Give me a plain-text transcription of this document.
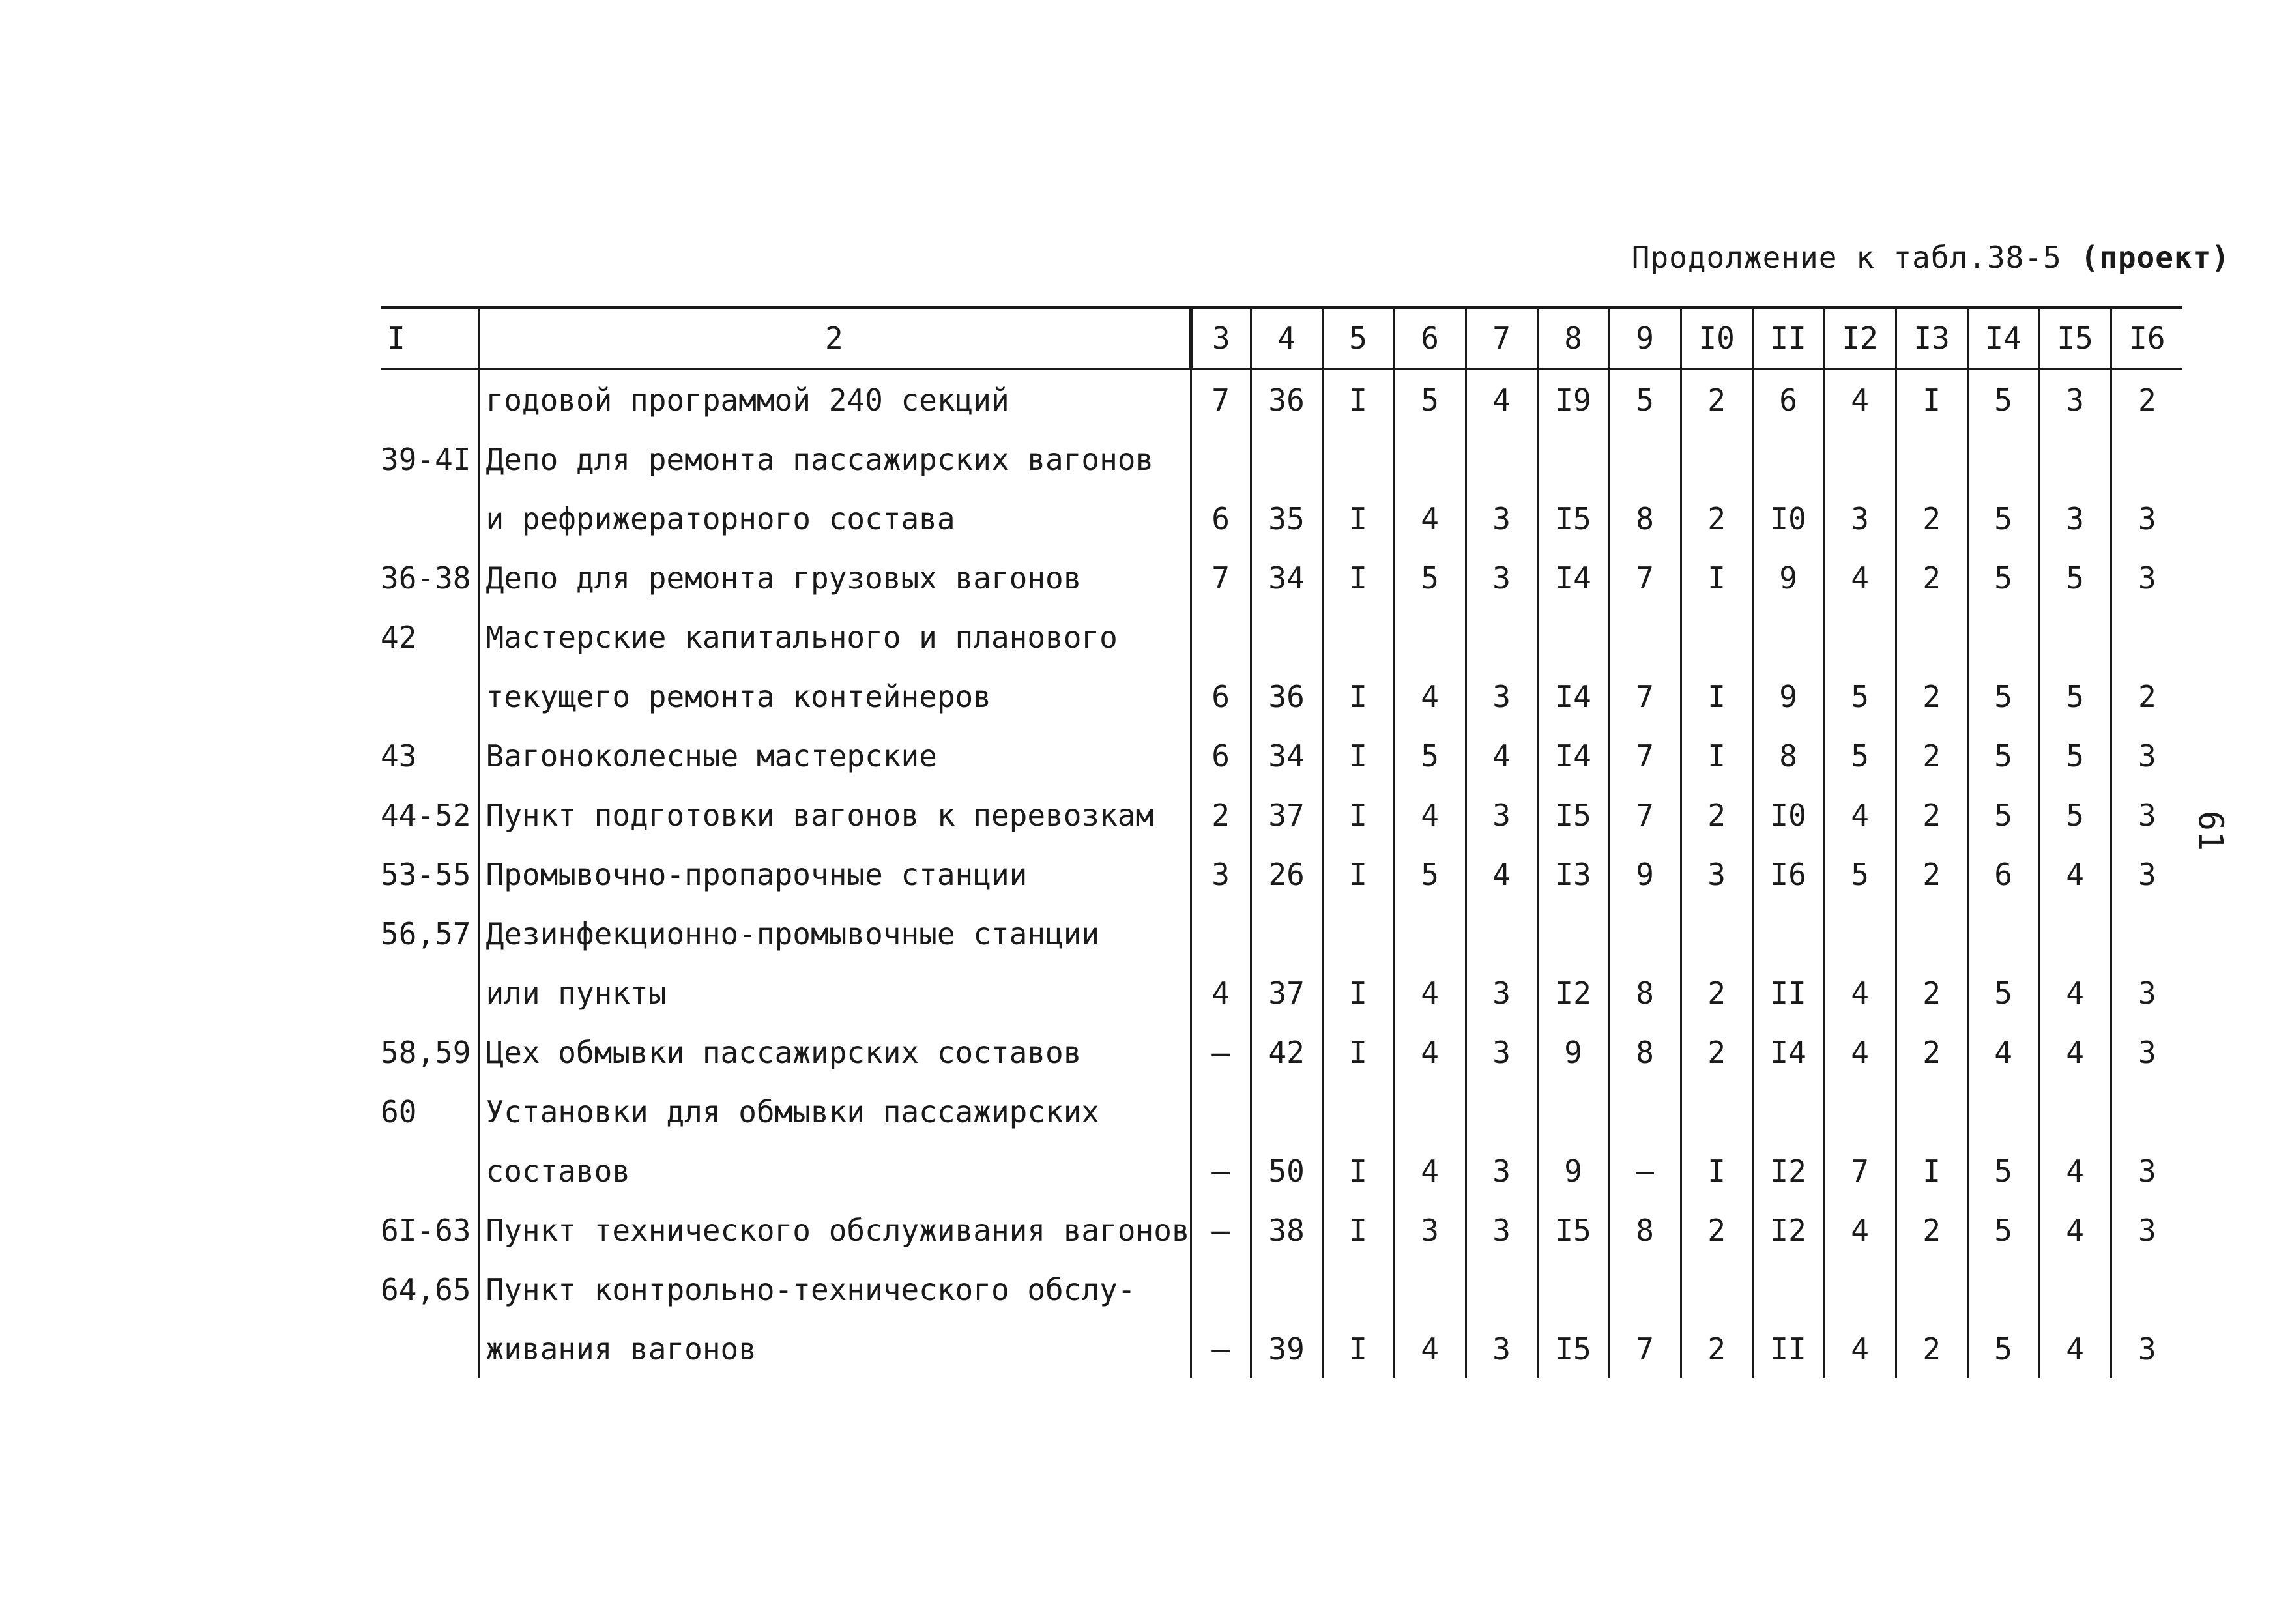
Продолжение к табл.38-5 (проект)
61
I	2	3	4	5	6	7	8	9	I0	II	I2	I3	I4	I5	I6
	годовой программой 240 секций	7	36	I	5	4	I9	5	2	6	4	I	5	3	2
39-4I	Депо для ремонта пассажирских вагонов														
	и рефрижераторного состава	6	35	I	4	3	I5	8	2	I0	3	2	5	3	3
36-38	Депо для ремонта грузовых вагонов	7	34	I	5	3	I4	7	I	9	4	2	5	5	3
42	Мастерские капитального и планового														
	текущего ремонта контейнеров	6	36	I	4	3	I4	7	I	9	5	2	5	5	2
43	Вагоноколесные мастерские	6	34	I	5	4	I4	7	I	8	5	2	5	5	3
44-52	Пункт подготовки вагонов к перевозкам	2	37	I	4	3	I5	7	2	I0	4	2	5	5	3
53-55	Промывочно-пропарочные станции	3	26	I	5	4	I3	9	3	I6	5	2	6	4	3
56,57	Дезинфекционно-промывочные станции														
	или пункты	4	37	I	4	3	I2	8	2	II	4	2	5	4	3
58,59	Цех обмывки пассажирских составов	–	42	I	4	3	9	8	2	I4	4	2	4	4	3
60	Установки для обмывки пассажирских														
	составов	–	50	I	4	3	9	–	I	I2	7	I	5	4	3
6I-63	Пункт технического обслуживания вагонов	–	38	I	3	3	I5	8	2	I2	4	2	5	4	3
64,65	Пункт контрольно-технического обслу-														
	живания вагонов	–	39	I	4	3	I5	7	2	II	4	2	5	4	3
